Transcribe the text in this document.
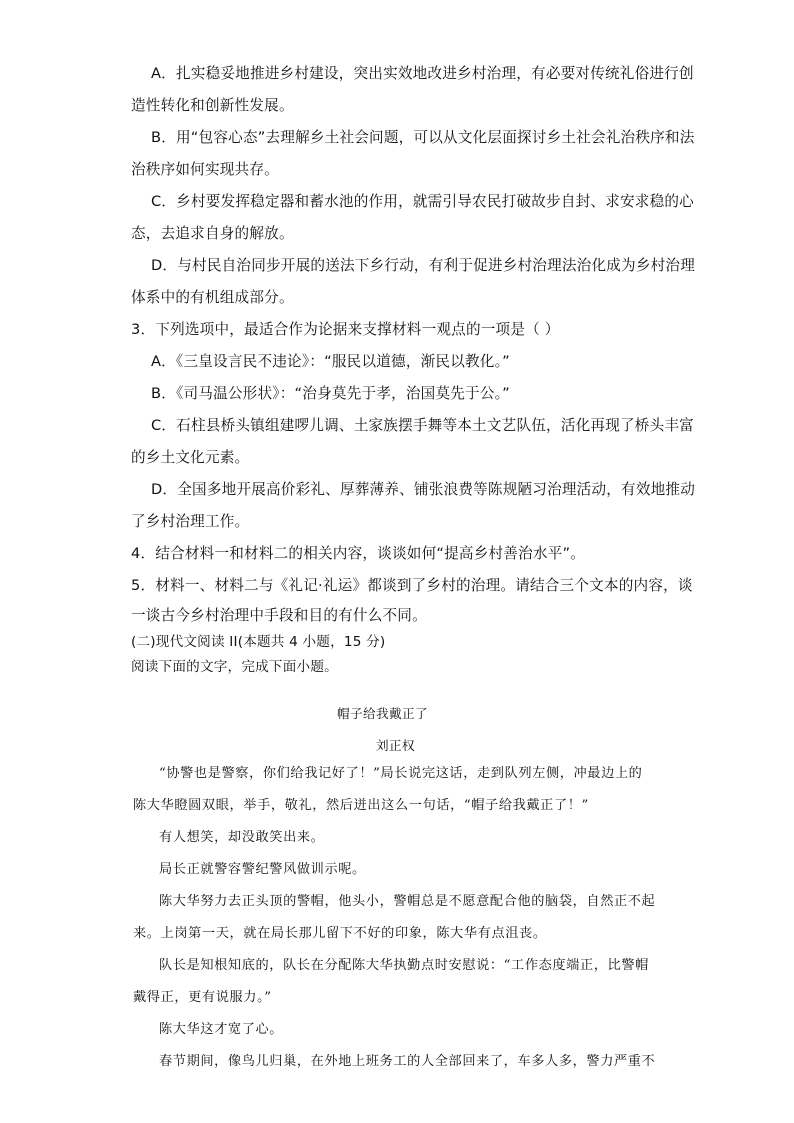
A．扎实稳妥地推进乡村建设，突出实效地改进乡村治理，有必要对传统礼俗进行创
造性转化和创新性发展。
B．用“包容心态”去理解乡土社会问题，可以从文化层面探讨乡土社会礼治秩序和法
治秩序如何实现共存。
C．乡村要发挥稳定器和蓄水池的作用，就需引导农民打破故步自封、求安求稳的心
态，去追求自身的解放。
D．与村民自治同步开展的送法下乡行动，有利于促进乡村治理法治化成为乡村治理
体系中的有机组成部分。
3．下列选项中，最适合作为论据来支撑材料一观点的一项是（ ）
A．《三皇设言民不违论》：“服民以道德，渐民以教化。”
B．《司马温公形状》：“治身莫先于孝，治国莫先于公。”
C．石柱县桥头镇组建啰儿调、土家族摆手舞等本土文艺队伍，活化再现了桥头丰富
的乡土文化元素。
D．全国多地开展高价彩礼、厚葬薄养、铺张浪费等陈规陋习治理活动，有效地推动
了乡村治理工作。
4．结合材料一和材料二的相关内容，谈谈如何“提高乡村善治水平”。
5．材料一、材料二与《礼记·礼运》都谈到了乡村的治理。请结合三个文本的内容，谈
一谈古今乡村治理中手段和目的有什么不同。
(二)现代文阅读 II(本题共 4 小题，15 分)
阅读下面的文字，完成下面小题。
帽子给我戴正了
刘正权
“协警也是警察，你们给我记好了！”局长说完这话，走到队列左侧，冲最边上的
陈大华瞪圆双眼，举手，敬礼，然后迸出这么一句话，“帽子给我戴正了！”
有人想笑，却没敢笑出来。
局长正就警容警纪警风做训示呢。
陈大华努力去正头顶的警帽，他头小，警帽总是不愿意配合他的脑袋，自然正不起
来。上岗第一天，就在局长那儿留下不好的印象，陈大华有点沮丧。
队长是知根知底的，队长在分配陈大华执勤点时安慰说：“工作态度端正，比警帽
戴得正，更有说服力。”
陈大华这才宽了心。
春节期间，像鸟儿归巢，在外地上班务工的人全部回来了，车多人多，警力严重不
